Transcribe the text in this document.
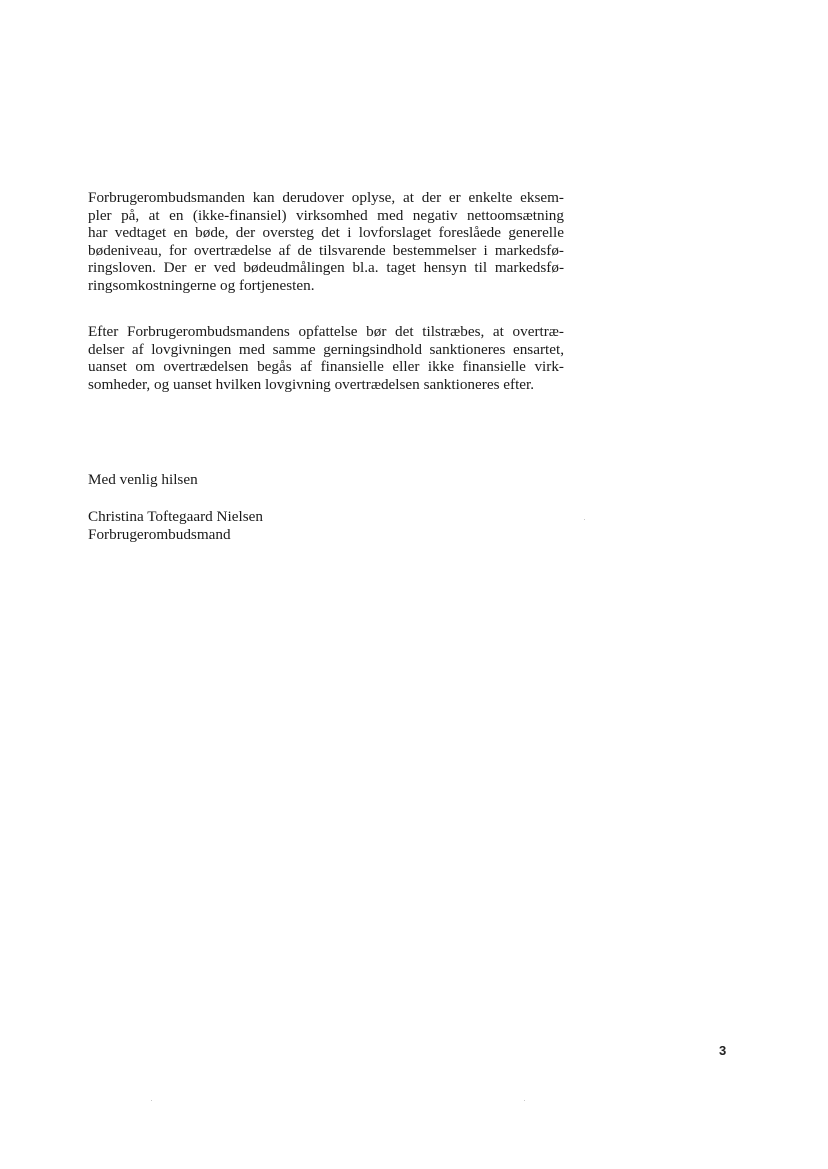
Forbrugerombudsmanden kan derudover oplyse, at der er enkelte eksem-
pler på, at en (ikke-finansiel) virksomhed med negativ nettoomsætning
har vedtaget en bøde, der oversteg det i lovforslaget foreslåede generelle
bødeniveau, for overtrædelse af de tilsvarende bestemmelser i markedsfø-
ringsloven. Der er ved bødeudmålingen bl.a. taget hensyn til markedsfø-
ringsomkostningerne og fortjenesten.
Efter Forbrugerombudsmandens opfattelse bør det tilstræbes, at overtræ-
delser af lovgivningen med samme gerningsindhold sanktioneres ensartet,
uanset om overtrædelsen begås af finansielle eller ikke finansielle virk-
somheder, og uanset hvilken lovgivning overtrædelsen sanktioneres efter.
Med venlig hilsen
Christina Toftegaard Nielsen
Forbrugerombudsmand
3
